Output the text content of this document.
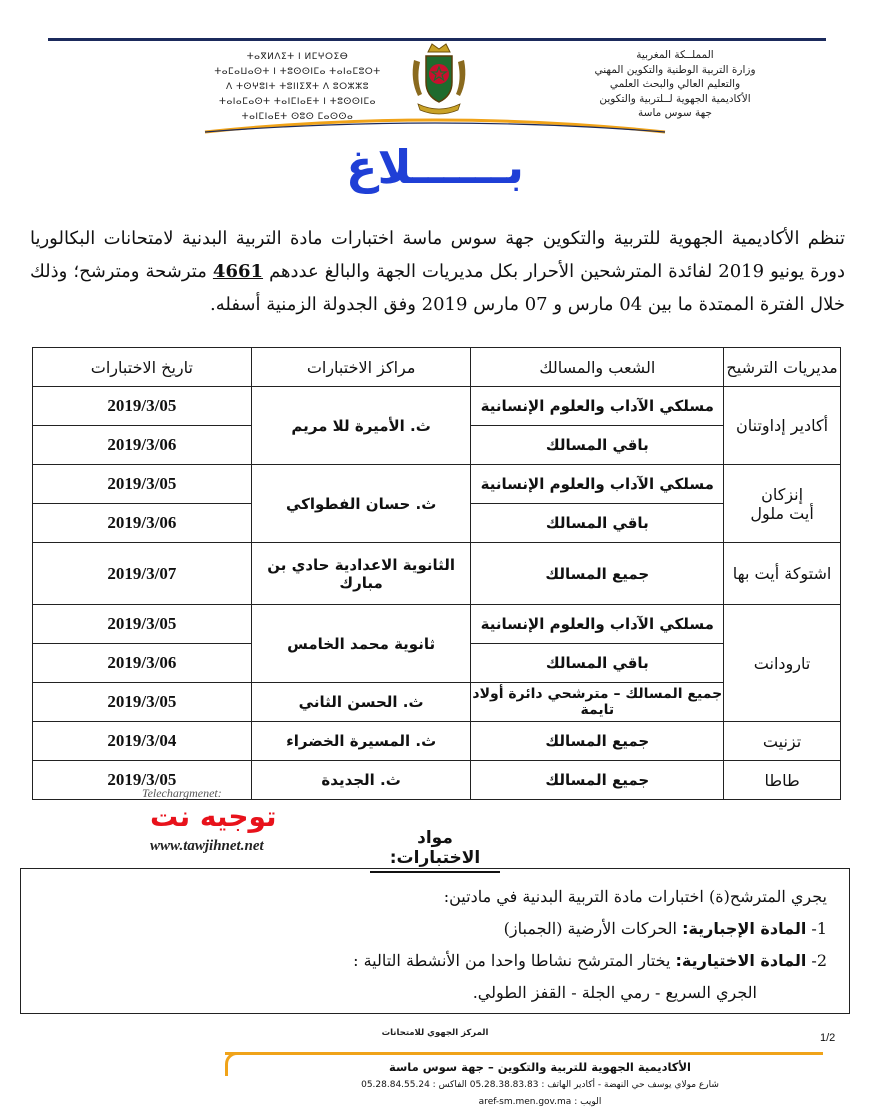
المملــكة المغربية
وزارة التربية الوطنية والتكوين المهني
والتعليم العالي والبحث العلمي
الأكاديمية الجهوية لــلتربية والتكوين
جهة سوس ماسة
ⵜⴰⴳⵍⴷⵉⵜ ⵏ ⵍⵎⵖⵔⵉⴱ
ⵜⴰⵎⴰⵡⴰⵙⵜ ⵏ ⵜⵓⵙⵙⵏⵎⴰ ⵜⴰⵏⴰⵎⵓⵔⵜ
ⴷ ⵜⵙⵖⵓⵏⵜ ⵜⵓⵏⵏⵉⴳⵜ ⴷ ⵓⵔⵣⵣⵓ
ⵜⴰⵏⴰⵎⴰⵙⵜ ⵜⴰⵏⵎⵏⴰⴹⵜ ⵏ ⵜⵓⵙⵙⵏⵎⴰ
ⵜⴰⵏⵎⵏⴰⴹⵜ ⵙⵓⵙ ⵎⴰⵙⵙⴰ
بــــــلاغ
تنظم الأكاديمية الجهوية للتربية والتكوين جهة سوس ماسة اختبارات مادة التربية البدنية لامتحانات البكالوريا دورة يونيو 2019 لفائدة المترشحين الأحرار بكل مديريات الجهة والبالغ عددهم 4661 مترشحة ومترشح؛ وذلك خلال الفترة الممتدة ما بين 04 مارس و 07 مارس 2019 وفق الجدولة الزمنية أسفله.
مديريات الترشيح	الشعب والمسالك	مراكز الاختبارات	تاريخ الاختبارات
أكادير إداوتنان	مسلكي الآداب والعلوم الإنسانية	ث. الأميرة للا مريم	2019/3/05
	باقي المسالك		2019/3/06
إنزكان
أيت ملول	مسلكي الآداب والعلوم الإنسانية	ث. حسان الفطواكي	2019/3/05
	باقي المسالك		2019/3/06
اشتوكة أيت بها	جميع المسالك	الثانوية الاعدادية حادي بن مبارك	2019/3/07
تارودانت	مسلكي الآداب والعلوم الإنسانية	ثانوية محمد الخامس	2019/3/05
	باقي المسالك		2019/3/06
	جميع المسالك – مترشحي دائرة أولاد تايمة	ث. الحسن الثاني	2019/3/05
تزنيت	جميع المسالك	ث. المسيرة الخضراء	2019/3/04
طاطا	جميع المسالك	ث. الجديدة	2019/3/05
Telechargmenet:
توجيه نت
www.tawjihnet.net	مواد الاختبارات:
يجري المترشح(ة) اختبارات مادة التربية البدنية في مادتين:
1- المادة الإجبارية: الحركات الأرضية (الجمباز)
2- المادة الاختيارية: يختار المترشح نشاطا واحدا من الأنشطة التالية :
الجري السريع - رمي الجلة - القفز الطولي.
المركز الجهوي للامتحانات	1/2
الأكاديمية الجهوية للتربية والتكوين – جهة سوس ماسة
شارع مولاي يوسف حي النهضة - أكادير الهاتف : 05.28.38.83.83 الفاكس : 05.28.84.55.24
الويب : aref-sm.men.gov.ma
